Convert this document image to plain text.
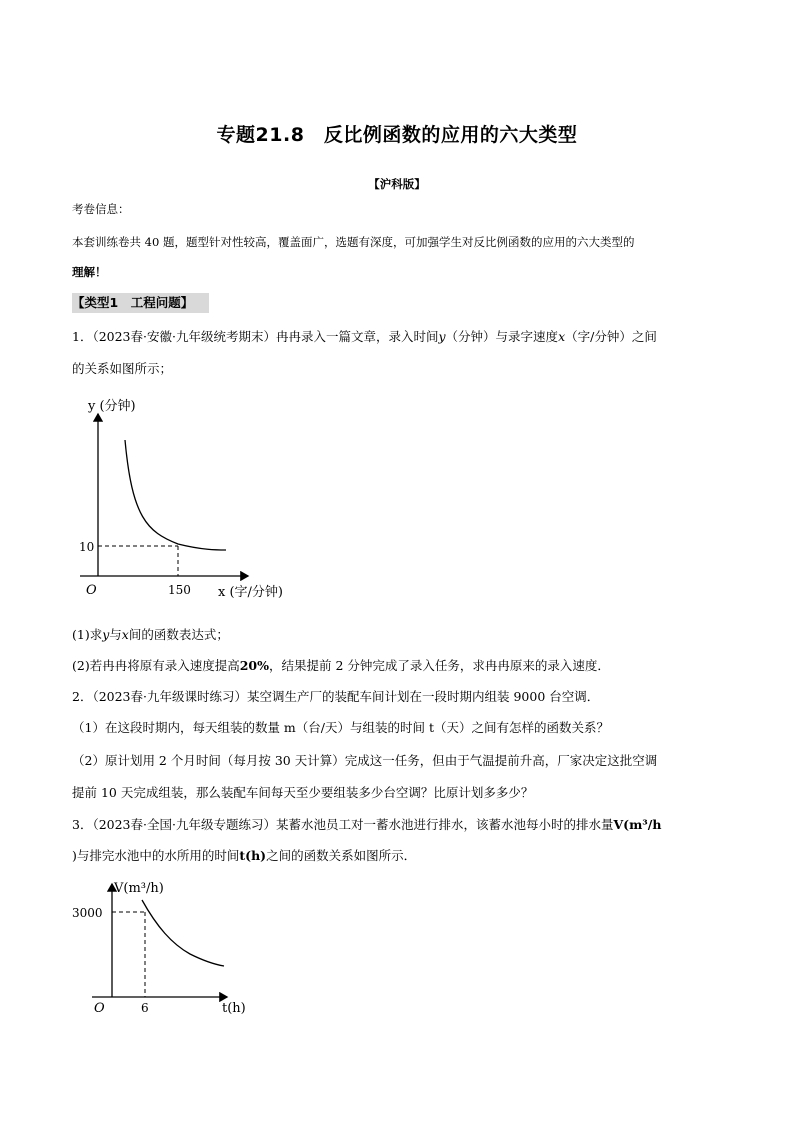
专题21.8　反比例函数的应用的六大类型
【沪科版】
考卷信息：
本套训练卷共 40 题，题型针对性较高，覆盖面广，选题有深度，可加强学生对反比例函数的应用的六大类型的
理解！
【类型1　工程问题】
1．（2023春·安徽·九年级统考期末）冉冉录入一篇文章，录入时间y（分钟）与录字速度x（字/分钟）之间
的关系如图所示；
y (分钟)
x (字/分钟)
O
10
150
(1)求y与x间的函数表达式；
(2)若冉冉将原有录入速度提高20%，结果提前 2 分钟完成了录入任务，求冉冉原来的录入速度．
2．（2023春·九年级课时练习）某空调生产厂的装配车间计划在一段时期内组装 9000 台空调．
（1）在这段时期内，每天组装的数量 m（台/天）与组装的时间 t（天）之间有怎样的函数关系？
（2）原计划用 2 个月时间（每月按 30 天计算）完成这一任务，但由于气温提前升高，厂家决定这批空调
提前 10 天完成组装，那么装配车间每天至少要组装多少台空调？比原计划多多少？
3．（2023春·全国·九年级专题练习）某蓄水池员工对一蓄水池进行排水，该蓄水池每小时的排水量V(m³/h
)与排完水池中的水所用的时间t(h)之间的函数关系如图所示．
V(m³/h)
t(h)
O
3000
6
